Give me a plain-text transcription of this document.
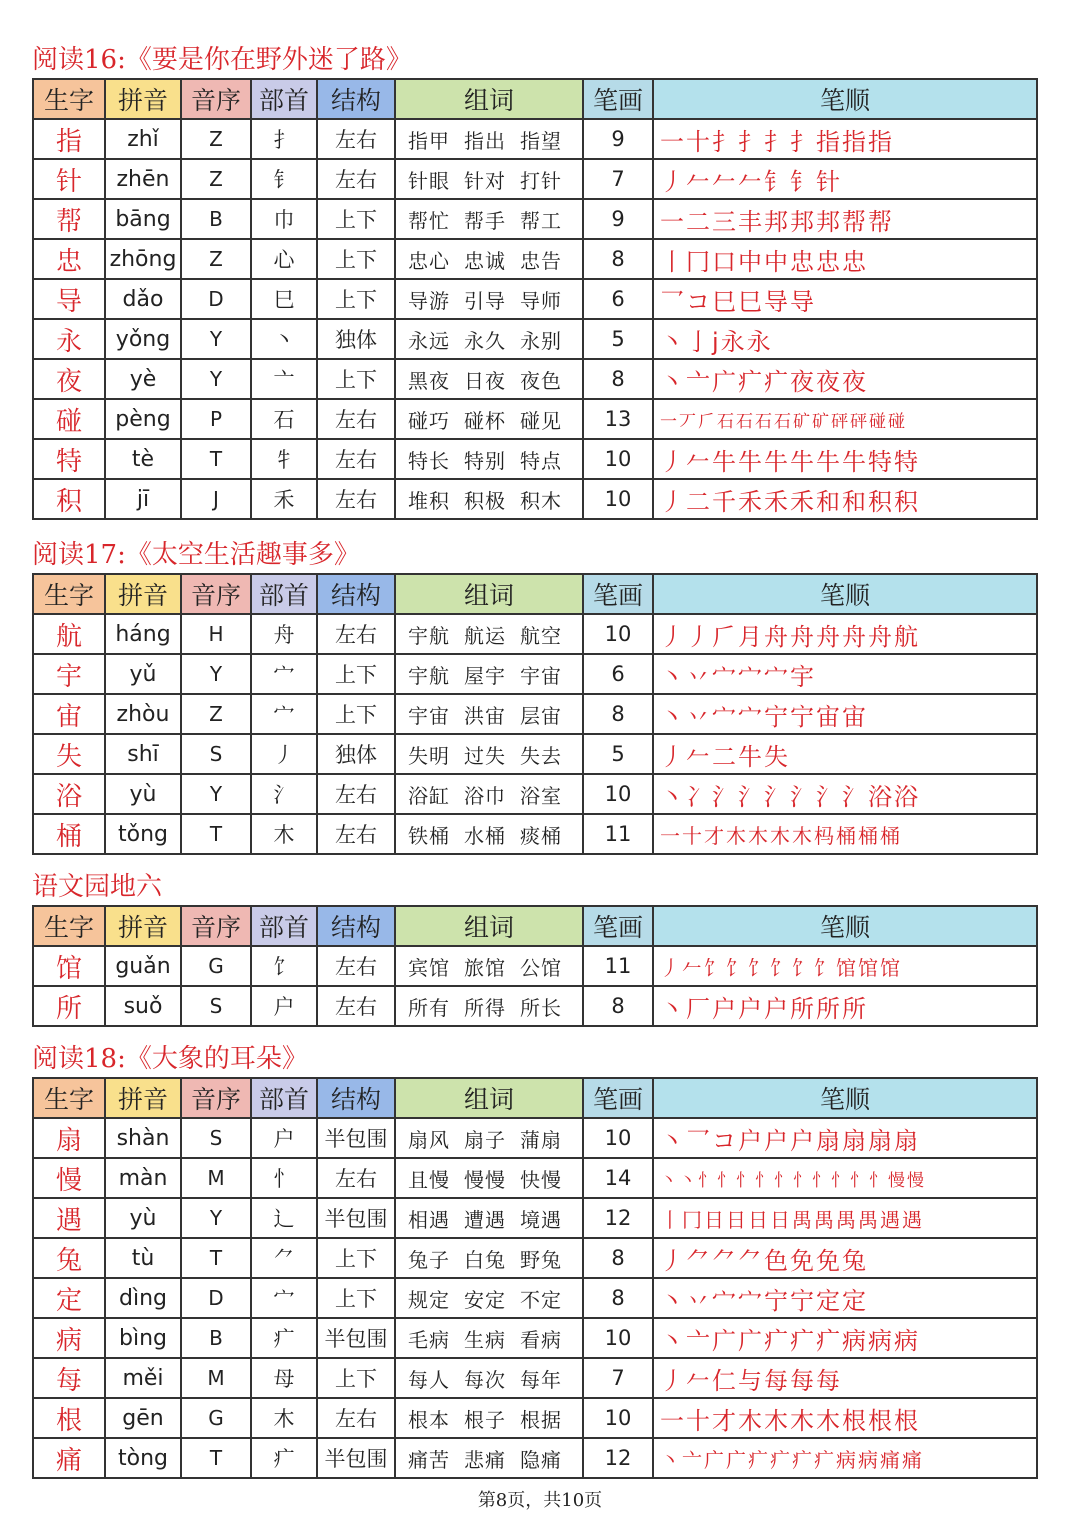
阅读16:《要是你在野外迷了路》
生字	拼音	音序	部首	结构	组词	笔画	笔顺
指	zhǐ	Z	扌	左右	指甲 指出 指望	9	一十扌扌扌扌指指指
针	zhēn	Z	钅	左右	针眼 针对 打针	7	丿𠂉𠂉𠂉钅钅针
帮	bāng	B	巾	上下	帮忙 帮手 帮工	9	一二三丰邦邦邦帮帮
忠	zhōng	Z	心	上下	忠心 忠诚 忠告	8	丨冂口中中忠忠忠
导	dǎo	D	巳	上下	导游 引导 导师	6	乛コ巳巳导导
永	yǒng	Y	丶	独体	永远 永久 永别	5	丶亅j永永
夜	yè	Y	亠	上下	黑夜 日夜 夜色	8	丶亠广疒疒夜夜夜
碰	pèng	P	石	左右	碰巧 碰杯 碰见	13	一 丆 𠂆 石 石 石 石 矿 矿 砰 砰 碰 碰
特	tè	T	牜	左右	特长 特别 特点	10	丿𠂉牛牛牛牛牛牛特特
积	jī	J	禾	左右	堆积 积极 积木	10	丿二千禾禾禾和和积积
阅读17:《太空生活趣事多》
生字	拼音	音序	部首	结构	组词	笔画	笔顺
航	háng	H	舟	左右	宇航 航运 航空	10	丿丿𠂆月舟舟舟舟舟航
宇	yǔ	Y	宀	上下	宇航 屋宇 宇宙	6	丶丷宀宀宀宇
宙	zhòu	Z	宀	上下	宇宙 洪宙 层宙	8	丶丷宀宀宁宁宙宙
失	shī	S	丿	独体	失明 过失 失去	5	丿𠂉二牛失
浴	yù	Y	氵	左右	浴缸 浴巾 浴室	10	丶冫氵氵氵氵氵氵浴浴
桶	tǒng	T	木	左右	铁桶 水桶 痰桶	11	一 十 才 木 木 木 木 杩 桶 桶 桶
语文园地六
生字	拼音	音序	部首	结构	组词	笔画	笔顺
馆	guǎn	G	饣	左右	宾馆 旅馆 公馆	11	丿 𠂉 饣 饣 饣 饣 饣 饣 馆 馆 馆
所	suǒ	S	户	左右	所有 所得 所长	8	丶厂户户户所所所
阅读18:《大象的耳朵》
生字	拼音	音序	部首	结构	组词	笔画	笔顺
扇	shàn	S	户	半包围	扇风 扇子 蒲扇	10	丶乛コ户户户扇扇扇扇
慢	màn	M	忄	左右	且慢 慢慢 快慢	14	丶 丶 忄 忄 忄 忄 忄 忄 忄 忄 忄 忄 慢 慢
遇	yù	Y	辶	半包围	相遇 遭遇 境遇	12	丨 冂 日 日 日 日 禺 禺 禺 禺 遇 遇
兔	tù	T	⺈	上下	兔子 白兔 野兔	8	丿⺈⺈⺈色免免兔
定	dìng	D	宀	上下	规定 安定 不定	8	丶丷宀宀宁宁定定
病	bìng	B	疒	半包围	毛病 生病 看病	10	丶亠广广疒疒疒病病病
每	měi	M	母	上下	每人 每次 每年	7	丿𠂉仁与每每每
根	gēn	G	木	左右	根本 根子 根据	10	一十才木木木木根根根
痛	tòng	T	疒	半包围	痛苦 悲痛 隐痛	12	丶 亠 广 广 疒 疒 疒 疒 病 病 痛 痛
第8页，共10页
